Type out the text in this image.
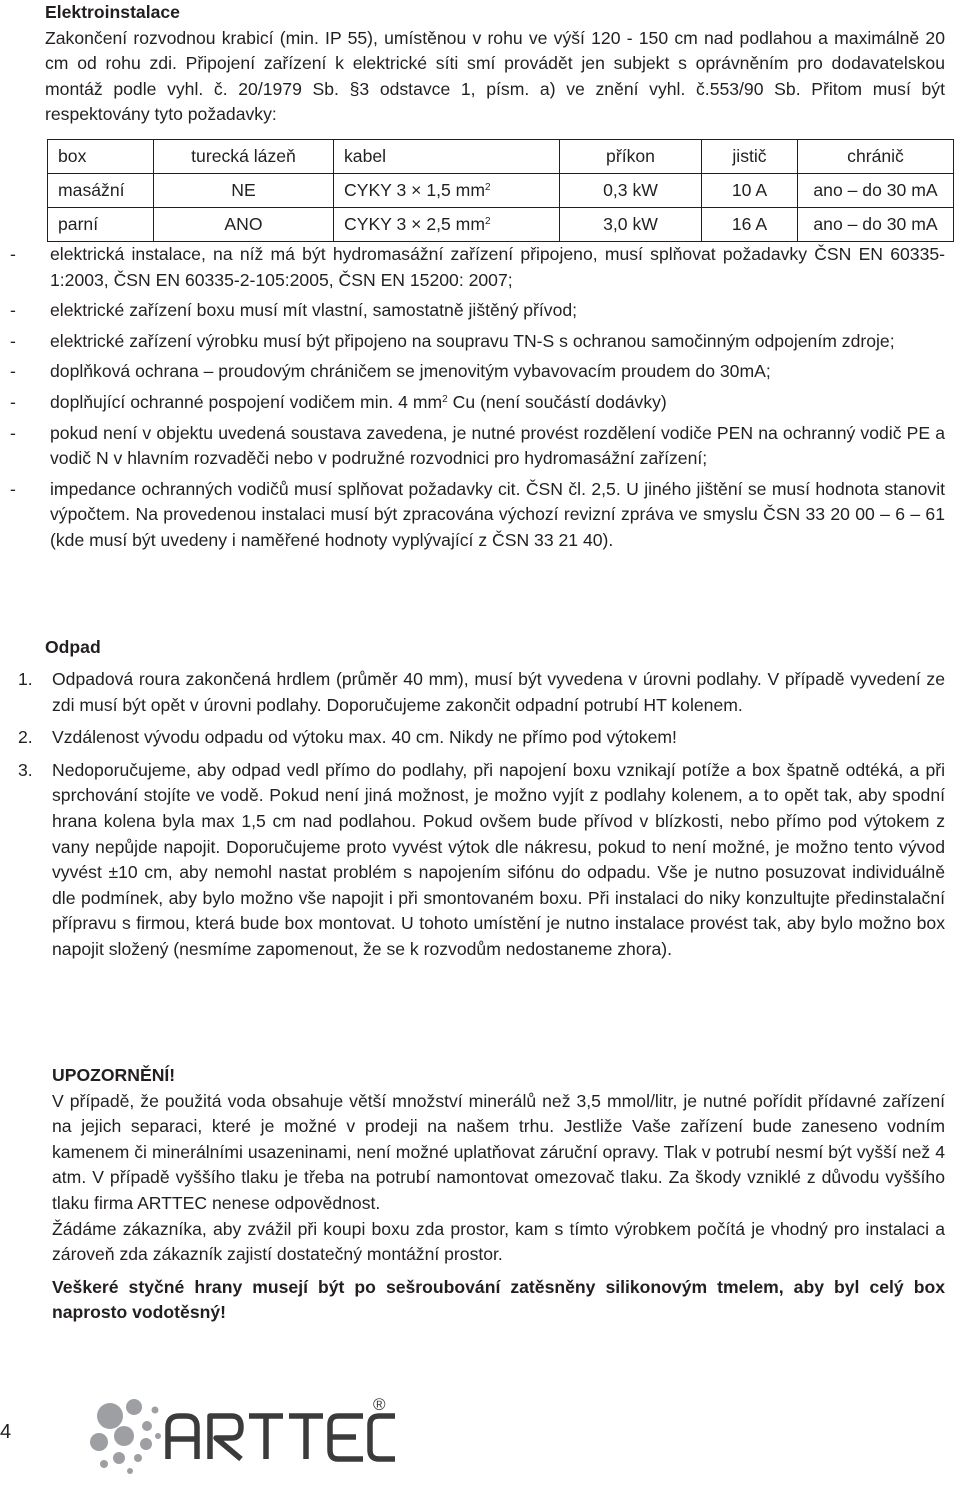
Elektroinstalace

Zakončení rozvodnou krabicí (min. IP 55), umístěnou v rohu ve výší 120 - 150 cm nad podlahou a maximálně 20 cm od rohu zdi. Připojení zařízení k elektrické síti smí provádět jen subjekt s oprávněním pro dodavatelskou montáž podle vyhl. č. 20/1979 Sb. §3 odstavce 1, písm. a) ve znění vyhl. č.553/90 Sb. Přitom musí být respektovány tyto požadavky:

box	turecká lázeň	kabel	příkon	jistič	chránič
masážní	NE	CYKY 3 × 1,5 $mm^2$	0,3 kW	10 A	ano – do 30 mA
parní	ANO	CYKY 3 × 2,5 $mm^2$	3,0 kW	16 A	ano – do 30 mA
- elektrická instalace, na níž má být hydromasážní zařízení připojeno, musí splňovat požadavky ČSN EN 60335-1:2003, ČSN EN 60335-2-105:2005, ČSN EN 15200: 2007;
- elektrické zařízení boxu musí mít vlastní, samostatně jištěný přívod;
- elektrické zařízení výrobku musí být připojeno na soupravu TN-S s ochranou samočinným odpojením zdroje;
- doplňková ochrana – proudovým chráničem se jmenovitým vybavovacím proudem do 30mA;
- doplňující ochranné pospojení vodičem min. 4 $mm^2$ Cu (není součástí dodávky)
- pokud není v objektu uvedená soustava zavedena, je nutné provést rozdělení vodiče PEN na ochranný vodič PE a vodič N v hlavním rozvaděči nebo v podružné rozvodnici pro hydromasážní zařízení;
- impedance ochranných vodičů musí splňovat požadavky cit. ČSN čl. 2,5. U jiného jištění se musí hodnota stanovit výpočtem. Na provedenou instalaci musí být zpracována výchozí revizní zpráva ve smyslu ČSN 33 20 00 – 6 – 61 (kde musí být uvedeny i naměřené hodnoty vyplývající z ČSN 33 21 40).
Odpad
1. Odpadová roura zakončená hrdlem (průměr 40 mm), musí být vyvedena v úrovni podlahy. V případě vyvedení ze zdi musí být opět v úrovni podlahy. Doporučujeme zakončit odpadní potrubí HT kolenem.
2. Vzdálenost vývodu odpadu od výtoku max. 40 cm. Nikdy ne přímo pod výtokem!
3. Nedoporučujeme, aby odpad vedl přímo do podlahy, při napojení boxu vznikají potíže a box špatně odtéká, a při sprchování stojíte ve vodě. Pokud není jiná možnost, je možno vyjít z podlahy kolenem, a to opět tak, aby spodní hrana kolena byla max 1,5 cm nad podlahou. Pokud ovšem bude přívod v blízkosti, nebo přímo pod výtokem z vany nepůjde napojit. Doporučujeme proto vyvést výtok dle nákresu, pokud to není možné, je možno tento vývod vyvést ±10 cm, aby nemohl nastat problém s napojením sifónu do odpadu. Vše je nutno posuzovat individuálně dle podmínek, aby bylo možno vše napojit i při smontovaném boxu. Při instalaci do niky konzultujte předinstalační přípravu s firmou, která bude box montovat. U tohoto umístění je nutno instalace provést tak, aby bylo možno box napojit složený (nesmíme zapomenout, že se k rozvodům nedostaneme zhora).

UPOZORNĚNÍ!

V případě, že použitá voda obsahuje větší množství minerálů než 3,5 mmol/litr, je nutné pořídit přídavné zařízení na jejich separaci, které je možné v prodeji na našem trhu. Jestliže Vaše zařízení bude zaneseno vodním kamenem či minerálními usazeninami, není možné uplatňovat záruční opravy. Tlak v potrubí nesmí být vyšší než 4 atm. V případě vyššího tlaku je třeba na potrubí namontovat omezovač tlaku. Za škody vzniklé z důvodu vyššího tlaku firma ARTTEC nenese odpovědnost.

Žádáme zákazníka, aby zvážil při koupi boxu zda prostor, kam s tímto výrobkem počítá je vhodný pro instalaci a zároveň zda zákazník zajistí dostatečný montážní prostor.

Veškeré styčné hrany musejí být po sešroubování zatěsněny silikonovým tmelem, aby byl celý box naprosto vodotěsný!

4
ARTTEC
®
